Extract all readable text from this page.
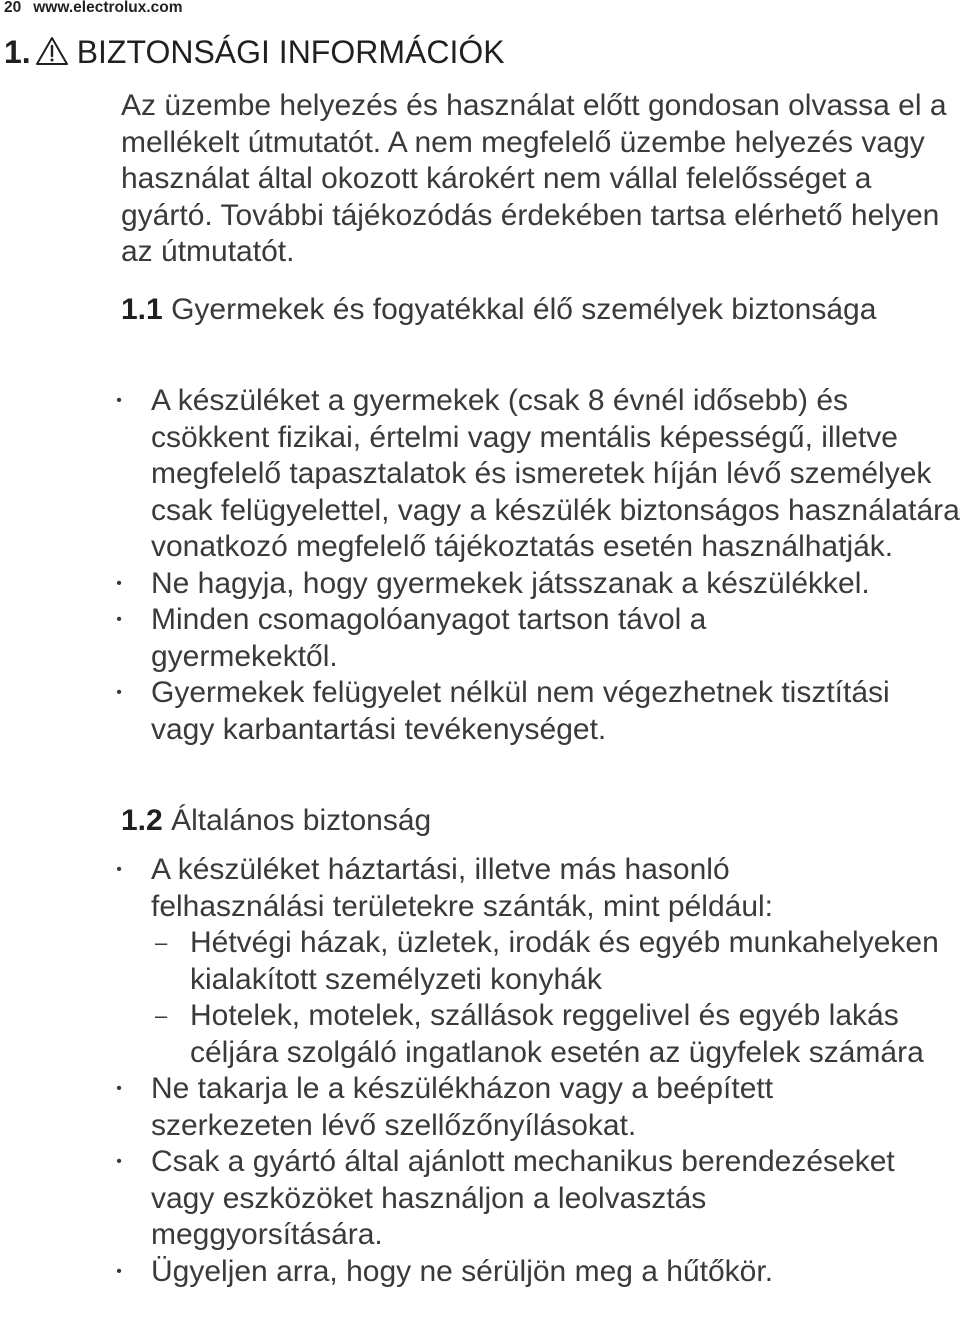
20 www.electrolux.com
1. BIZTONSÁGI INFORMÁCIÓK
Az üzembe helyezés és használat előtt gondosan olvassa el a mellékelt útmutatót. A nem megfelelő üzembe helyezés vagy használat által okozott károkért nem vállal felelősséget a gyártó. További tájékozódás érdekében tartsa elérhető helyen az útmutatót.
1.1 Gyermekek és fogyatékkal élő személyek biztonsága
• A készüléket a gyermekek (csak 8 évnél idősebb) és csökkent fizikai, értelmi vagy mentális képességű, illetve megfelelő tapasztalatok és ismeretek híján lévő személyek csak felügyelettel, vagy a készülék biztonságos használatára vonatkozó megfelelő tájékoztatás esetén használhatják.
• Ne hagyja, hogy gyermekek játsszanak a készülékkel.
• Minden csomagolóanyagot tartson távol a gyermekektől.
• Gyermekek felügyelet nélkül nem végezhetnek tisztítási vagy karbantartási tevékenységet.
1.2 Általános biztonság
• A készüléket háztartási, illetve más hasonló felhasználási területekre szánták, mint például:
– Hétvégi házak, üzletek, irodák és egyéb munkahelyeken kialakított személyzeti konyhák
– Hotelek, motelek, szállások reggelivel és egyéb lakás céljára szolgáló ingatlanok esetén az ügyfelek számára
• Ne takarja le a készülékházon vagy a beépített szerkezeten lévő szellőzőnyílásokat.
• Csak a gyártó által ajánlott mechanikus berendezéseket vagy eszközöket használjon a leolvasztás meggyorsítására.
• Ügyeljen arra, hogy ne sérüljön meg a hűtőkör.
